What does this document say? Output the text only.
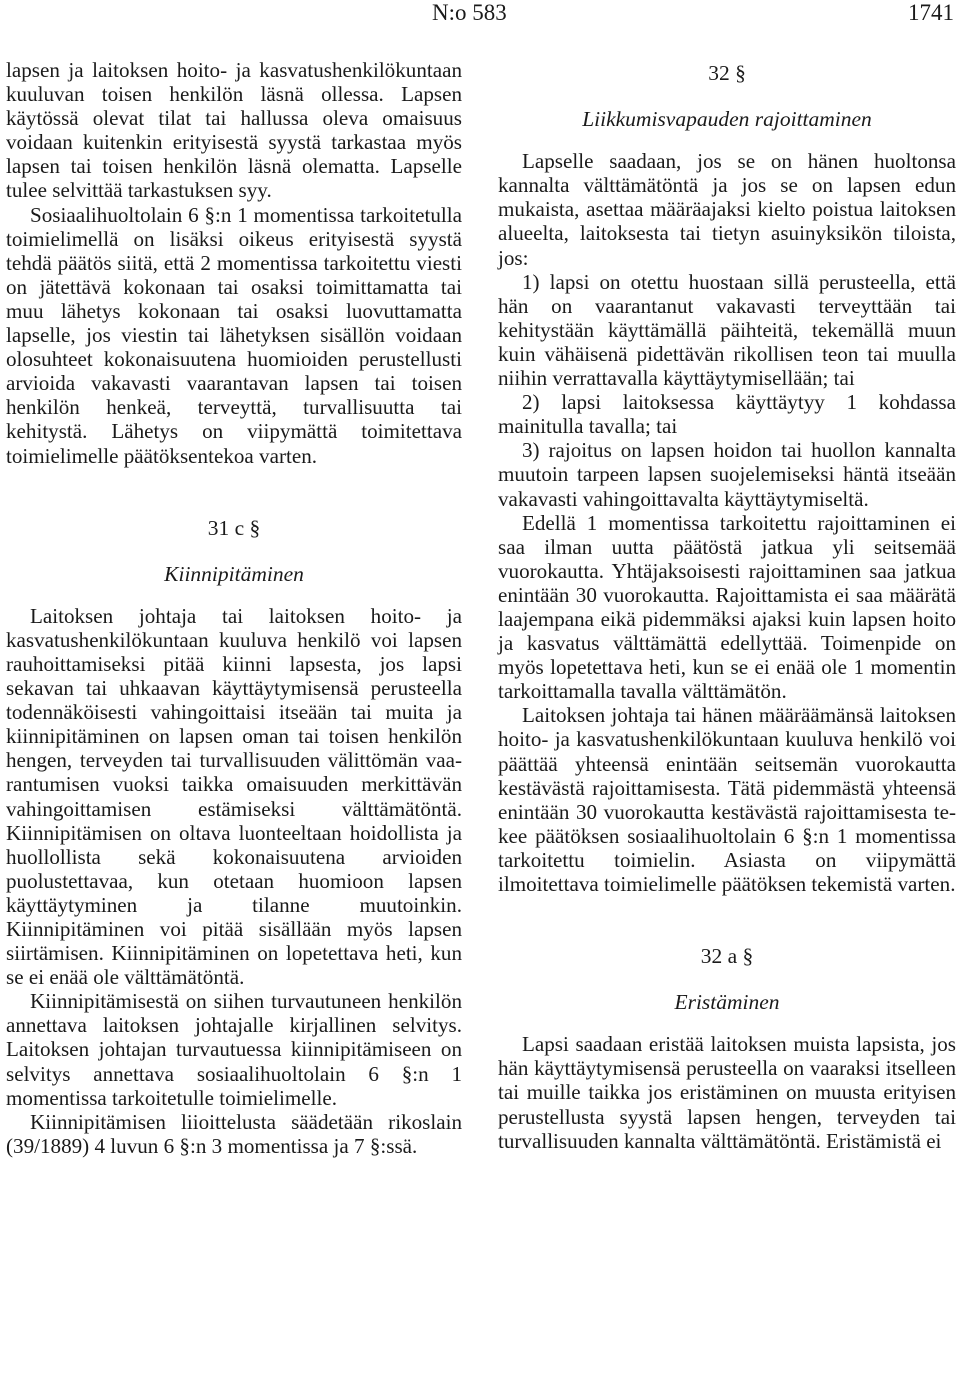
N:o 583	1741

lapsen ja laitoksen hoito- ja kasvatushenkilökuntaan kuuluvan toisen henkilön läsnä ollessa. Lapsen käytössä olevat tilat tai hallussa oleva omaisuus voidaan kuitenkin erityisestä syystä tarkastaa myös lapsen tai toisen henkilön läsnä olematta. Lapselle tulee selvittää tarkastuksen syy.

Sosiaalihuoltolain 6 §:n 1 momentissa tarkoitetulla toimielimellä on lisäksi oikeus erityisestä syystä tehdä päätös siitä, että 2 momentissa tarkoitettu viesti on jätettävä kokonaan tai osaksi toimittamatta tai muu lähetys kokonaan tai osaksi luovuttamatta lapselle, jos viestin tai lähetyksen sisällön voidaan olosuhteet kokonaisuutena huomioiden perustellusti arvioida vakavasti vaarantavan lapsen tai toisen henkilön henkeä, terveyttä, turvallisuutta tai kehitystä. Lähetys on viipymättä toimitettava toimielimelle päätöksentekoa varten.

31 c §

Kiinnipitäminen

Laitoksen johtaja tai laitoksen hoito- ja kasvatushenkilökuntaan kuuluva henkilö voi lapsen rauhoittamiseksi pitää kiinni lapsesta, jos lapsi sekavan tai uhkaavan käyttäytymisensä perusteella todennäköisesti vahingoittaisi itseään tai muita ja kiinnipitäminen on lapsen oman tai toisen henkilön hengen, terveyden tai turvallisuuden välittömän vaarantumisen vuoksi taikka omaisuuden merkittävän vahingoittamisen estämiseksi välttämätöntä. Kiinnipitämisen on oltava luonteeltaan hoidollista ja huollollista sekä kokonaisuutena arvioiden puolustettavaa, kun otetaan huomioon lapsen käyttäytyminen ja tilanne muutoinkin. Kiinnipitäminen voi pitää sisällään myös lapsen siirtämisen. Kiinnipitäminen on lopetettava heti, kun se ei enää ole välttämätöntä.

Kiinnipitämisestä on siihen turvautuneen henkilön annettava laitoksen johtajalle kirjallinen selvitys. Laitoksen johtajan turvautuessa kiinnipitämiseen on selvitys annettava sosiaalihuoltolain 6 §:n 1 momentissa tarkoitetulle toimielimelle.

Kiinnipitämisen liioittelusta säädetään rikoslain (39/1889) 4 luvun 6 §:n 3 momentissa ja 7 §:ssä.

32 §

Liikkumisvapauden rajoittaminen

Lapselle saadaan, jos se on hänen huoltonsa kannalta välttämätöntä ja jos se on lapsen edun mukaista, asettaa määräajaksi kielto poistua laitoksen alueelta, laitoksesta tai tietyn asuinyksikön tiloista, jos:

1) lapsi on otettu huostaan sillä perusteella, että hän on vaarantanut vakavasti terveyttään tai kehitystään käyttämällä päihteitä, tekemällä muun kuin vähäisenä pidettävän rikollisen teon tai muulla niihin verrattavalla käyttäytymisellään; tai

2) lapsi laitoksessa käyttäytyy 1 kohdassa mainitulla tavalla; tai

3) rajoitus on lapsen hoidon tai huollon kannalta muutoin tarpeen lapsen suojelemiseksi häntä itseään vakavasti vahingoittavalta käyttäytymiseltä.

Edellä 1 momentissa tarkoitettu rajoittaminen ei saa ilman uutta päätöstä jatkua yli seitsemää vuorokautta. Yhtäjaksoisesti rajoittaminen saa jatkua enintään 30 vuorokautta. Rajoittamista ei saa määrätä laajempana eikä pidemmäksi ajaksi kuin lapsen hoito ja kasvatus välttämättä edellyttää. Toimenpide on myös lopetettava heti, kun se ei enää ole 1 momentin tarkoittamalla tavalla välttämätön.

Laitoksen johtaja tai hänen määräämänsä laitoksen hoito- ja kasvatushenkilökuntaan kuuluva henkilö voi päättää yhteensä enintään seitsemän vuorokautta kestävästä rajoittamisesta. Tätä pidemmästä yhteensä enintään 30 vuorokautta kestävästä rajoittamisesta tekee päätöksen sosiaalihuoltolain 6 §:n 1 momentissa tarkoitettu toimielin. Asiasta on viipymättä ilmoitettava toimielimelle päätöksen tekemistä varten.

32 a §

Eristäminen

Lapsi saadaan eristää laitoksen muista lapsista, jos hän käyttäytymisensä perusteella on vaaraksi itselleen tai muille taikka jos eristäminen on muusta erityisen perustellusta syystä lapsen hengen, terveyden tai turvallisuuden kannalta välttämätöntä. Eristämistä ei
